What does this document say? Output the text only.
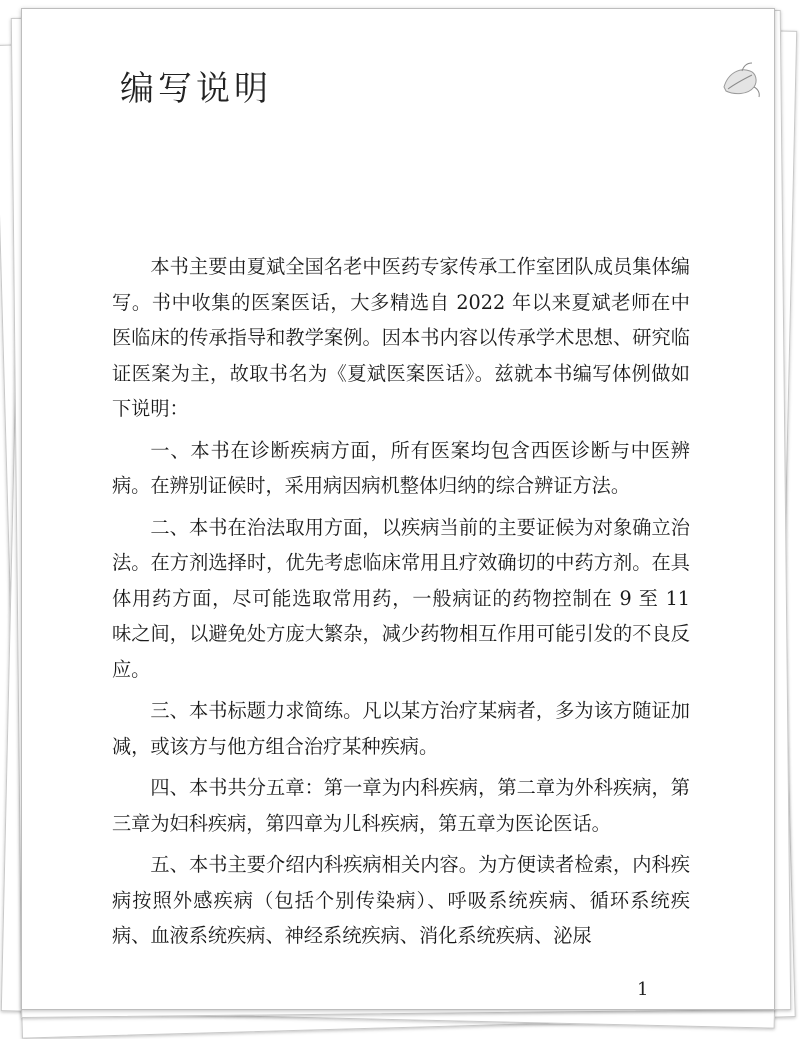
编写说明

本书主要由夏斌全国名老中医药专家传承工作室团队成员集体编写。书中收集的医案医话，大多精选自 2022 年以来夏斌老师在中医临床的传承指导和教学案例。因本书内容以传承学术思想、研究临证医案为主，故取书名为《夏斌医案医话》。兹就本书编写体例做如下说明：

一、本书在诊断疾病方面，所有医案均包含西医诊断与中医辨病。在辨别证候时，采用病因病机整体归纳的综合辨证方法。

二、本书在治法取用方面，以疾病当前的主要证候为对象确立治法。在方剂选择时，优先考虑临床常用且疗效确切的中药方剂。在具体用药方面，尽可能选取常用药，一般病证的药物控制在 9 至 11 味之间，以避免处方庞大繁杂，减少药物相互作用可能引发的不良反应。

三、本书标题力求简练。凡以某方治疗某病者，多为该方随证加减，或该方与他方组合治疗某种疾病。

四、本书共分五章：第一章为内科疾病，第二章为外科疾病，第三章为妇科疾病，第四章为儿科疾病，第五章为医论医话。

五、本书主要介绍内科疾病相关内容。为方便读者检索，内科疾病按照外感疾病（包括个别传染病）、呼吸系统疾病、循环系统疾病、血液系统疾病、神经系统疾病、消化系统疾病、泌尿

1
